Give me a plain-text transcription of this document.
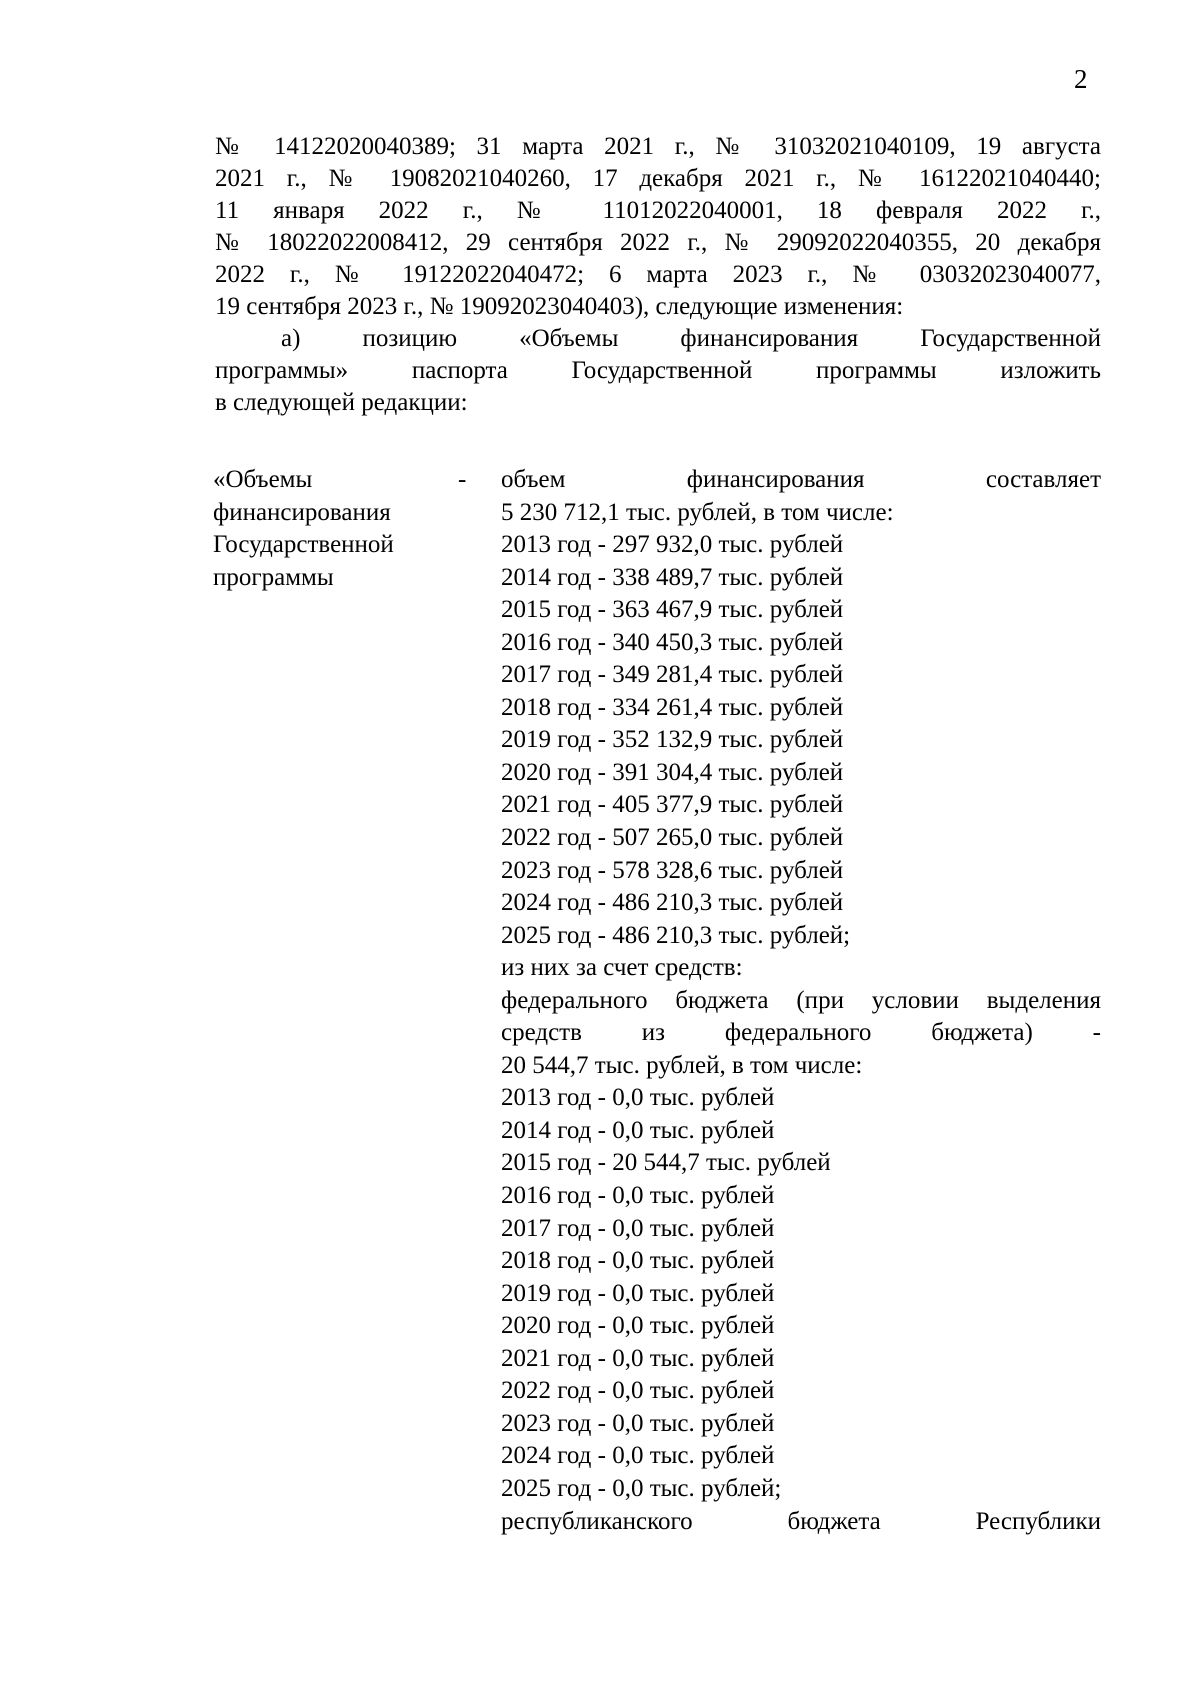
2
№ 14122020040389; 31 марта 2021 г., № 31032021040109, 19 августа
2021 г., № 19082021040260, 17 декабря 2021 г., № 16122021040440;
11 января 2022 г., № 11012022040001, 18 февраля 2022 г.,
№ 18022022008412, 29 сентября 2022 г., № 29092022040355, 20 декабря
2022 г., № 19122022040472; 6 марта 2023 г., № 03032023040077,
19 сентября 2023 г., № 19092023040403), следующие изменения:
а) позицию «Объемы финансирования Государственной
программы» паспорта Государственной программы изложить
в следующей редакции:
«Объемы
финансирования
Государственной
программы
- объем финансирования составляет
5 230 712,1 тыс. рублей, в том числе:
2013 год - 297 932,0 тыс. рублей
2014 год - 338 489,7 тыс. рублей
2015 год - 363 467,9 тыс. рублей
2016 год - 340 450,3 тыс. рублей
2017 год - 349 281,4 тыс. рублей
2018 год - 334 261,4 тыс. рублей
2019 год - 352 132,9 тыс. рублей
2020 год - 391 304,4 тыс. рублей
2021 год - 405 377,9 тыс. рублей
2022 год - 507 265,0 тыс. рублей
2023 год - 578 328,6 тыс. рублей
2024 год - 486 210,3 тыс. рублей
2025 год - 486 210,3 тыс. рублей;
из них за счет средств:
федерального бюджета (при условии выделения
средств из федерального бюджета) -
20 544,7 тыс. рублей, в том числе:
2013 год - 0,0 тыс. рублей
2014 год - 0,0 тыс. рублей
2015 год - 20 544,7 тыс. рублей
2016 год - 0,0 тыс. рублей
2017 год - 0,0 тыс. рублей
2018 год - 0,0 тыс. рублей
2019 год - 0,0 тыс. рублей
2020 год - 0,0 тыс. рублей
2021 год - 0,0 тыс. рублей
2022 год - 0,0 тыс. рублей
2023 год - 0,0 тыс. рублей
2024 год - 0,0 тыс. рублей
2025 год - 0,0 тыс. рублей;
республиканского бюджета Республики
